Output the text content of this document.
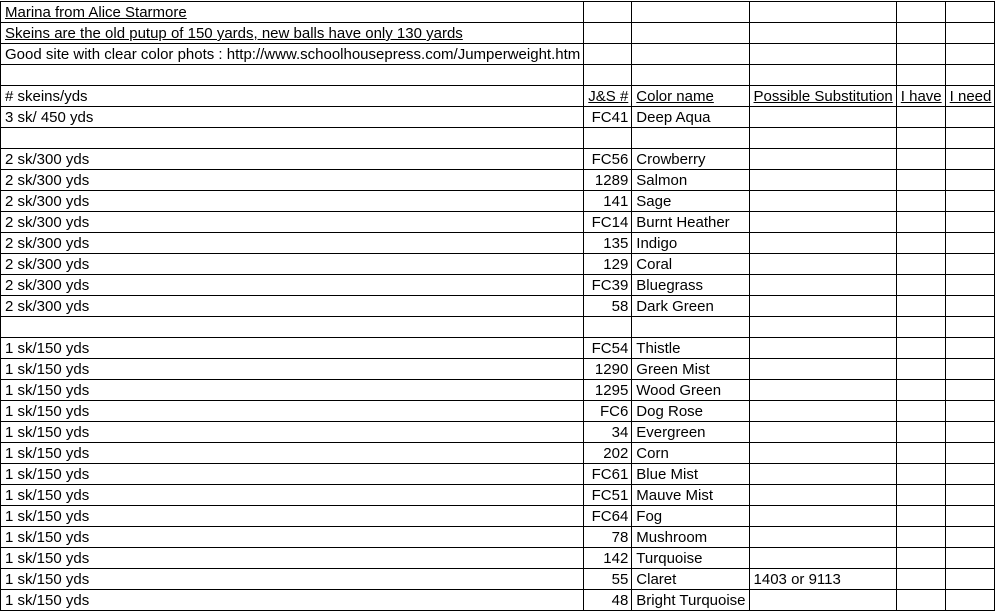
Marina from Alice Starmore					
Skeins are the old putup of 150 yards, new balls have only 130 yards					
Good site with clear color phots : http://www.schoolhousepress.com/Jumperweight.htm					

# skeins/yds	J&S #	Color name	Possible Substitution	I have	I need
3 sk/ 450 yds	FC41	Deep Aqua			

2 sk/300 yds	FC56	Crowberry			
2 sk/300 yds	1289	Salmon			
2 sk/300 yds	141	Sage			
2 sk/300 yds	FC14	Burnt Heather			
2 sk/300 yds	135	Indigo			
2 sk/300 yds	129	Coral			
2 sk/300 yds	FC39	Bluegrass			
2 sk/300 yds	58	Dark Green			

1 sk/150 yds	FC54	Thistle			
1 sk/150 yds	1290	Green Mist			
1 sk/150 yds	1295	Wood Green			
1 sk/150 yds	FC6	Dog Rose			
1 sk/150 yds	34	Evergreen			
1 sk/150 yds	202	Corn			
1 sk/150 yds	FC61	Blue Mist			
1 sk/150 yds	FC51	Mauve Mist			
1 sk/150 yds	FC64	Fog			
1 sk/150 yds	78	Mushroom			
1 sk/150 yds	142	Turquoise			
1 sk/150 yds	55	Claret	1403 or 9113		
1 sk/150 yds	48	Bright Turquoise			
